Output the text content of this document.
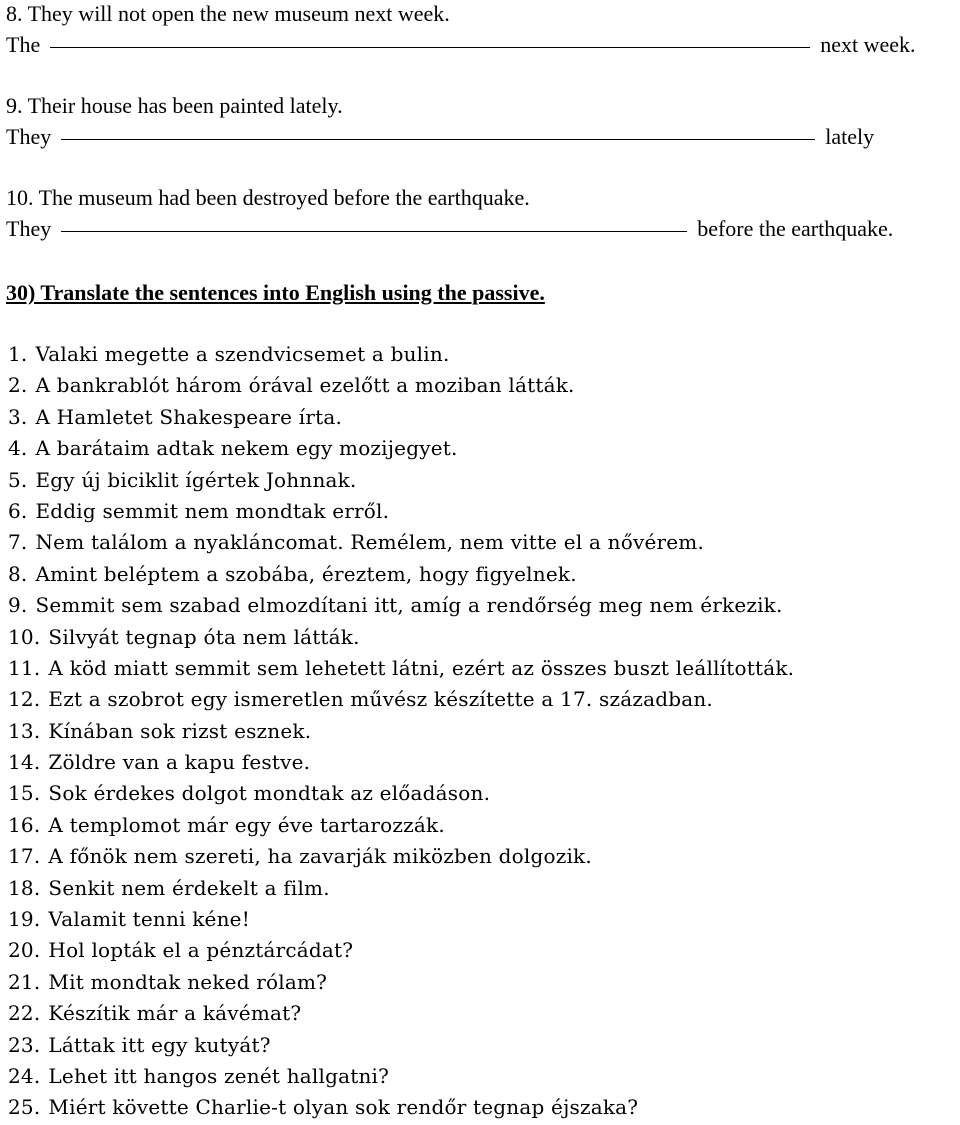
8. They will not open the new museum next week.
The	next week.
9. Their house has been painted lately.
They	lately
10. The museum had been destroyed before the earthquake.
They	before the earthquake.
30) Translate the sentences into English using the passive.
1. Valaki megette a szendvicsemet a bulin.
2. A bankrablót három órával ezelőtt a moziban látták.
3. A Hamletet Shakespeare írta.
4. A barátaim adtak nekem egy mozijegyet.
5. Egy új biciklit ígértek Johnnak.
6. Eddig semmit nem mondtak erről.
7. Nem találom a nyakláncomat. Remélem, nem vitte el a nővérem.
8. Amint beléptem a szobába, éreztem, hogy figyelnek.
9. Semmit sem szabad elmozdítani itt, amíg a rendőrség meg nem érkezik.
10. Silvyát tegnap óta nem látták.
11. A köd miatt semmit sem lehetett látni, ezért az összes buszt leállították.
12. Ezt a szobrot egy ismeretlen művész készítette a 17. században.
13. Kínában sok rizst esznek.
14. Zöldre van a kapu festve.
15. Sok érdekes dolgot mondtak az előadáson.
16. A templomot már egy éve tartarozzák.
17. A főnök nem szereti, ha zavarják miközben dolgozik.
18. Senkit nem érdekelt a film.
19. Valamit tenni kéne!
20. Hol lopták el a pénztárcádat?
21. Mit mondtak neked rólam?
22. Készítik már a kávémat?
23. Láttak itt egy kutyát?
24. Lehet itt hangos zenét hallgatni?
25. Miért követte Charlie-t olyan sok rendőr tegnap éjszaka?
